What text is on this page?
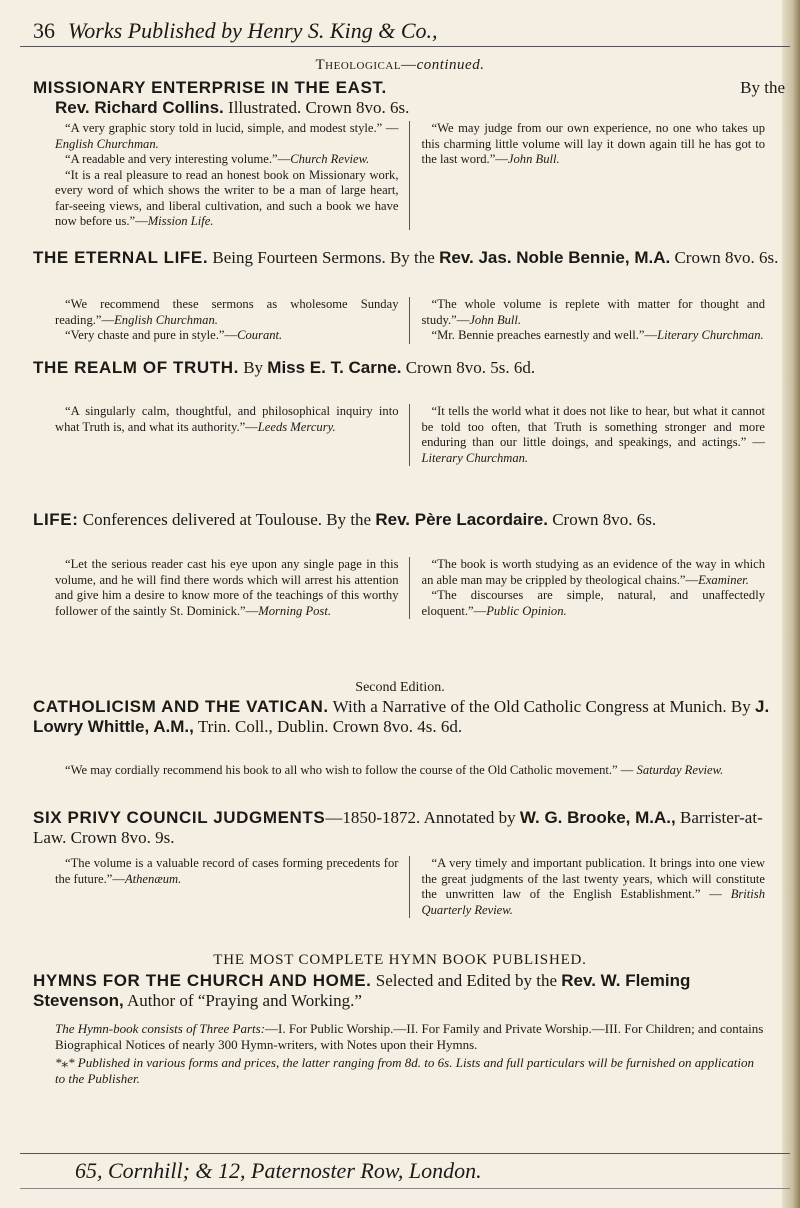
36 Works Published by Henry S. King & Co.,
Theological—continued.
MISSIONARY ENTERPRISE IN THE EAST.	By the
Rev. Richard Collins. Illustrated. Crown 8vo. 6s.

“A very graphic story told in lucid, simple, and modest style.” — English Churchman.

“A readable and very interesting volume.”—Church Review.

“It is a real pleasure to read an honest book on Missionary work, every word of which shows the writer to be a man of large heart, far-seeing views, and liberal cultivation, and such a book we have now before us.”—Mission Life.

“We may judge from our own experience, no one who takes up this charming little volume will lay it down again till he has got to the last word.”—John Bull.

THE ETERNAL LIFE. Being Fourteen Sermons. By the Rev. Jas. Noble Bennie, M.A. Crown 8vo. 6s.

“We recommend these sermons as wholesome Sunday reading.”—English Churchman.

“Very chaste and pure in style.”—Courant.

“The whole volume is replete with matter for thought and study.”—John Bull.

“Mr. Bennie preaches earnestly and well.”—Literary Churchman.

THE REALM OF TRUTH. By Miss E. T. Carne. Crown 8vo. 5s. 6d.

“A singularly calm, thoughtful, and philosophical inquiry into what Truth is, and what its authority.”—Leeds Mercury.

“It tells the world what it does not like to hear, but what it cannot be told too often, that Truth is something stronger and more enduring than our little doings, and speakings, and actings.” — Literary Churchman.

LIFE: Conferences delivered at Toulouse. By the Rev. Père Lacordaire. Crown 8vo. 6s.

“Let the serious reader cast his eye upon any single page in this volume, and he will find there words which will arrest his attention and give him a desire to know more of the teachings of this worthy follower of the saintly St. Dominick.”—Morning Post.

“The book is worth studying as an evidence of the way in which an able man may be crippled by theological chains.”—Examiner.

“The discourses are simple, natural, and unaffectedly eloquent.”—Public Opinion.

Second Edition.
CATHOLICISM AND THE VATICAN. With a Narrative of the Old Catholic Congress at Munich. By J. Lowry Whittle, A.M., Trin. Coll., Dublin. Crown 8vo. 4s. 6d.

“We may cordially recommend his book to all who wish to follow the course of the Old Catholic movement.” — Saturday Review.

SIX PRIVY COUNCIL JUDGMENTS—1850-1872. Annotated by W. G. Brooke, M.A., Barrister-at-Law. Crown 8vo. 9s.

“The volume is a valuable record of cases forming precedents for the future.”—Athenæum.

“A very timely and important publication. It brings into one view the great judgments of the last twenty years, which will constitute the unwritten law of the English Establishment.” — British Quarterly Review.

THE MOST COMPLETE HYMN BOOK PUBLISHED.
HYMNS FOR THE CHURCH AND HOME. Selected and Edited by the Rev. W. Fleming Stevenson, Author of “Praying and Working.”

The Hymn-book consists of Three Parts:—I. For Public Worship.—II. For Family and Private Worship.—III. For Children; and contains Biographical Notices of nearly 300 Hymn-writers, with Notes upon their Hymns.

*⁎* Published in various forms and prices, the latter ranging from 8d. to 6s. Lists and full particulars will be furnished on application to the Publisher.

65, Cornhill; & 12, Paternoster Row, London.
